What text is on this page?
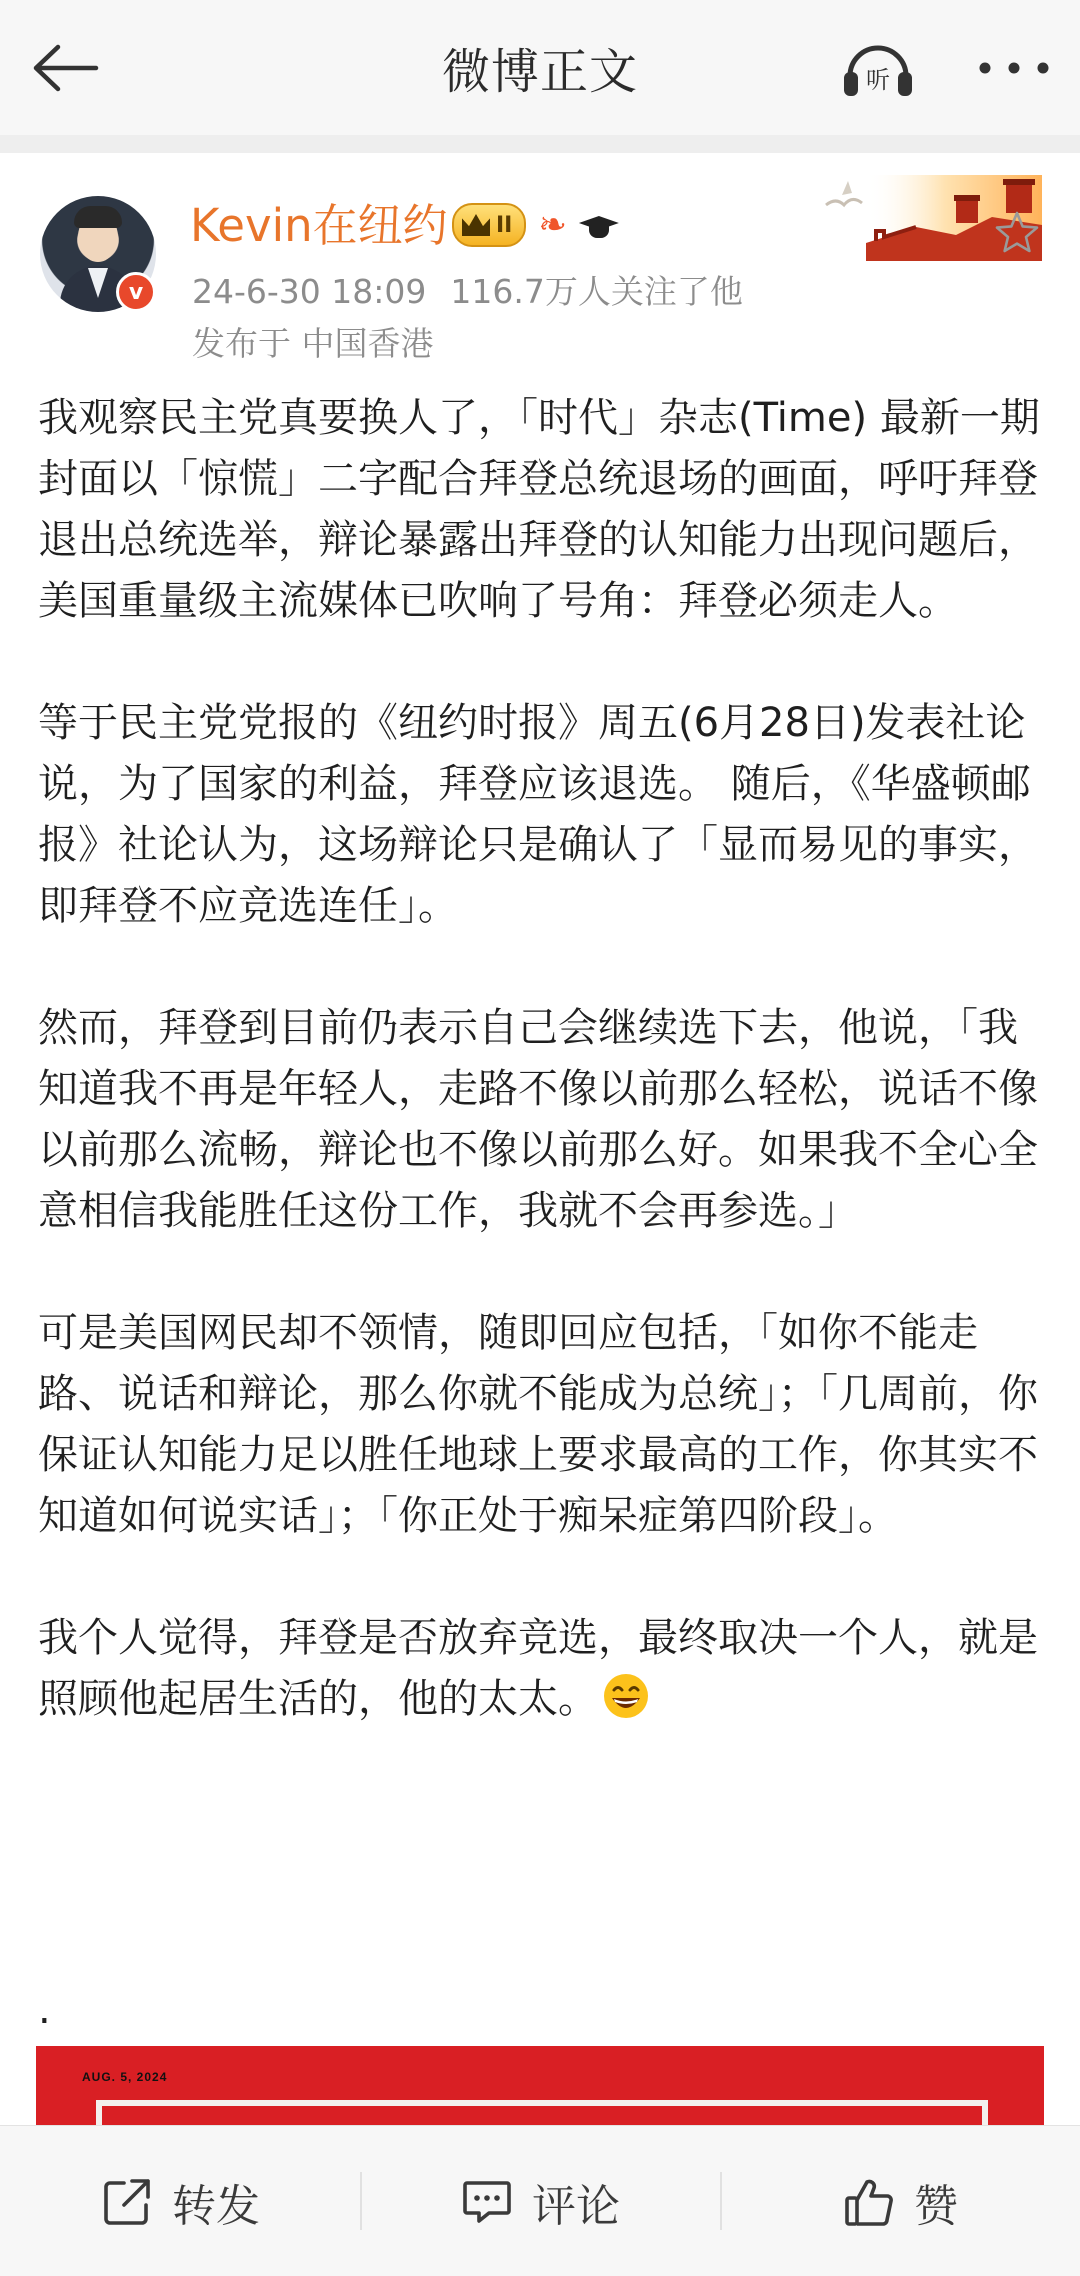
微博正文	听
v
Kevin在纽约 II ❧
24-6-30 18:09 116.7万人关注了他
发布于 中国香港

我观察民主党真要换人了，「时代」杂志(Time) 最新一期封面以「惊慌」二字配合拜登总统退场的画面，呼吁拜登退出总统选举，辩论暴露出拜登的认知能力出现问题后，美国重量级主流媒体已吹响了号角：拜登必须走人。

等于民主党党报的《纽约时报》周五(6月28日)发表社论说，为了国家的利益，拜登应该退选。 随后，《华盛顿邮报》社论认为，这场辩论只是确认了「显而易见的事实，即拜登不应竞选连任」。

然而，拜登到目前仍表示自己会继续选下去，他说，「我知道我不再是年轻人，走路不像以前那么轻松，说话不像以前那么流畅，辩论也不像以前那么好。如果我不全心全意相信我能胜任这份工作，我就不会再参选。」

可是美国网民却不领情，随即回应包括，「如你不能走路、说话和辩论，那么你就不能成为总统」；「几周前，你保证认知能力足以胜任地球上要求最高的工作，你其实不知道如何说实话」；「你正处于痴呆症第四阶段」。

我个人觉得，拜登是否放弃竞选，最终取决一个人，就是照顾他起居生活的，他的太太。

.
AUG. 5, 2024
转发	评论	赞
